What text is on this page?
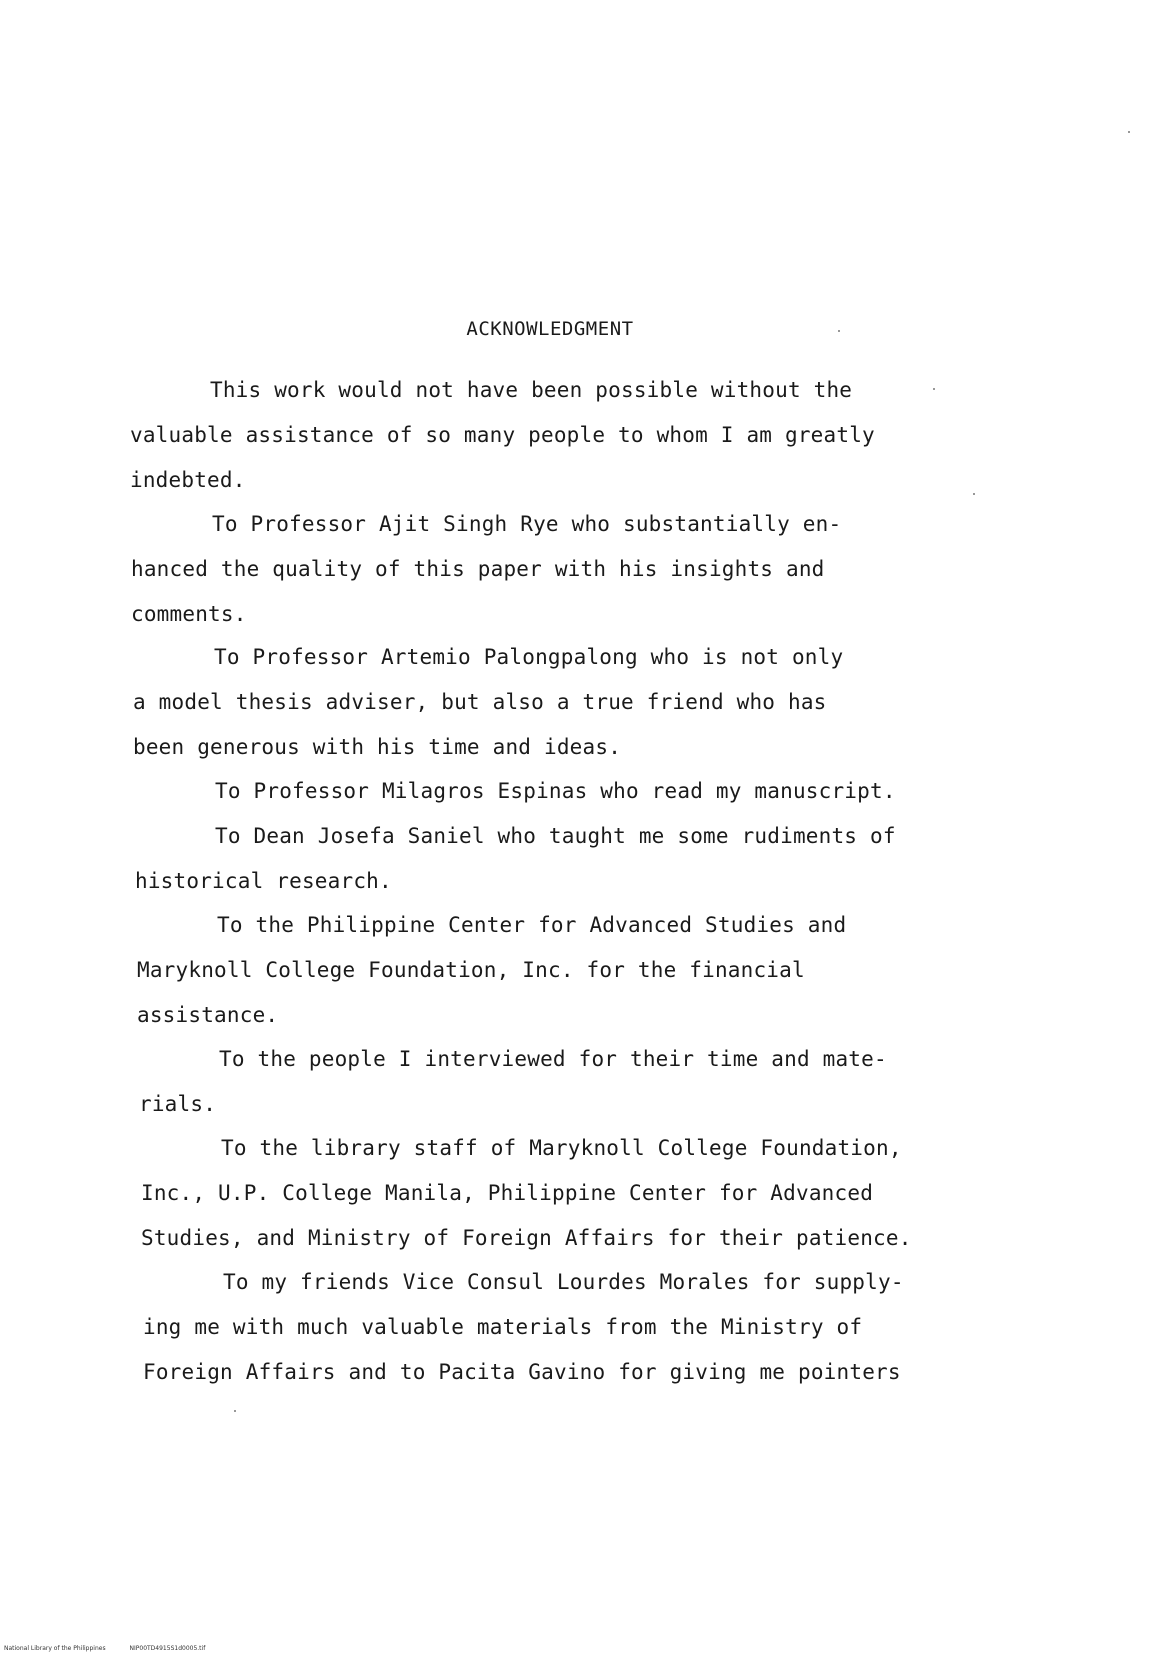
ACKNOWLEDGMENT
This work would not have been possible without the
valuable assistance of so many people to whom I am greatly
indebted.
To Professor Ajit Singh Rye who substantially en-
hanced the quality of this paper with his insights and
comments.
To Professor Artemio Palongpalong who is not only
a model thesis adviser, but also a true friend who has
been generous with his time and ideas.
To Professor Milagros Espinas who read my manuscript.
To Dean Josefa Saniel who taught me some rudiments of
historical research.
To the Philippine Center for Advanced Studies and
Maryknoll College Foundation, Inc. for the financial
assistance.
To the people I interviewed for their time and mate-
rials.
To the library staff of Maryknoll College Foundation,
Inc., U.P. College Manila, Philippine Center for Advanced
Studies, and Ministry of Foreign Affairs for their patience.
To my friends Vice Consul Lourdes Morales for supply-
ing me with much valuable materials from the Ministry of
Foreign Affairs and to Pacita Gavino for giving me pointers
National Library of the Philippines	NIP00TD4915S1d0005.tif
